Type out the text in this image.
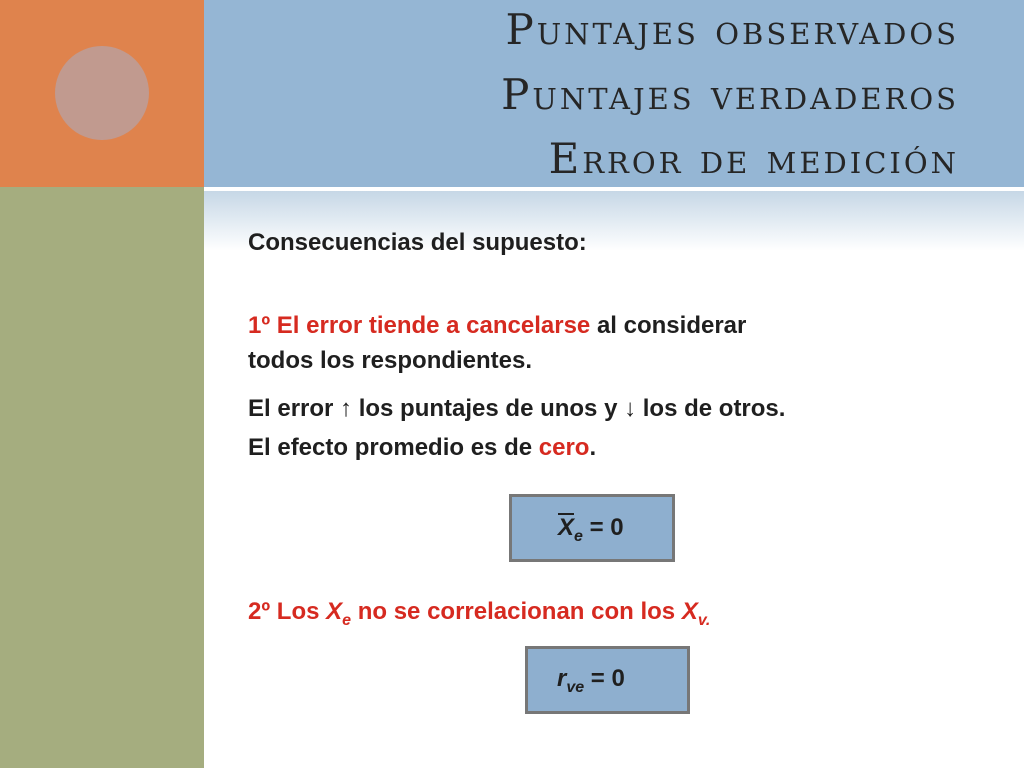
Puntajes observados
Puntajes verdaderos
Error de medición
Consecuencias del supuesto:
1º El error tiende a cancelarse al considerar
todos los respondientes.
El error ↑ los puntajes de unos y ↓ los de otros.
El efecto promedio es de cero.
$X_e = 0$
2º Los $X_e$ no se correlacionan con los $X_{v.}$
$r_{ve} = 0$
